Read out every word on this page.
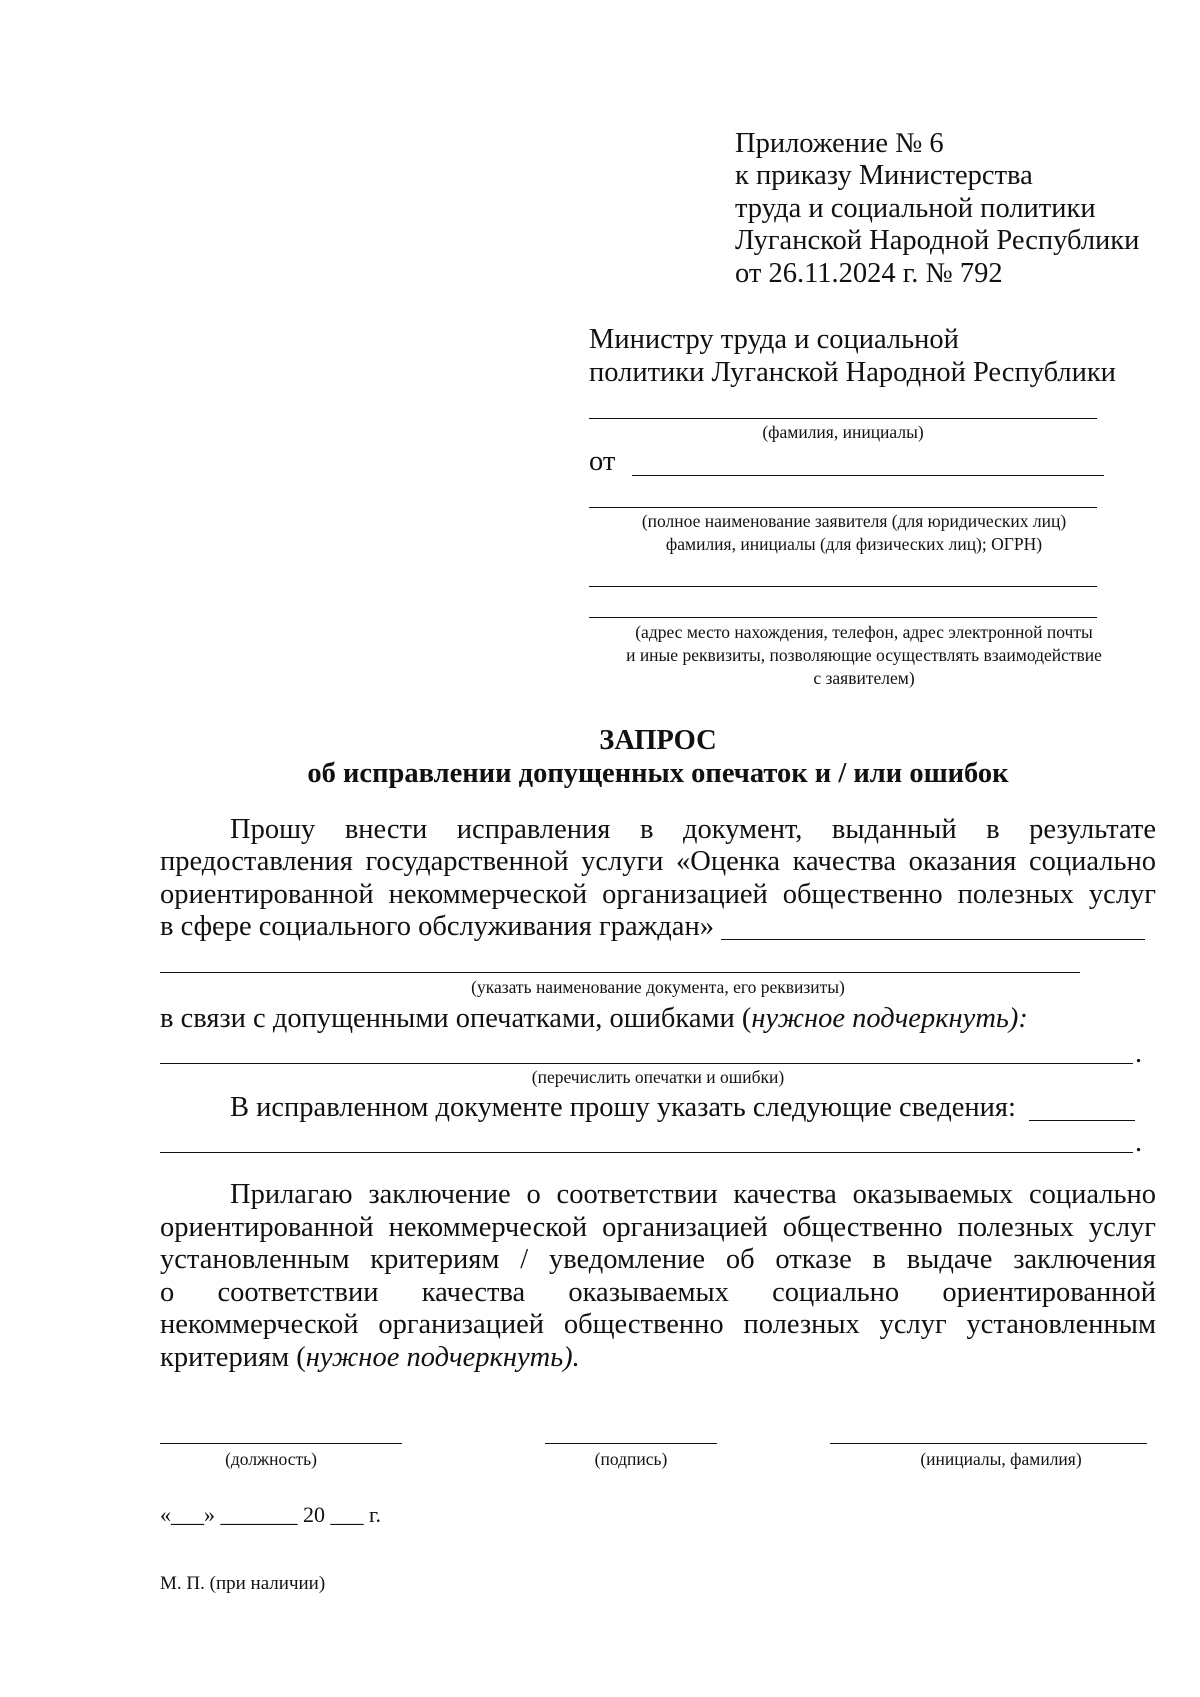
Приложение № 6
к приказу Министерства
труда и социальной политики
Луганской Народной Республики
от 26.11.2024 г. № 792
Министру труда и социальной
политики Луганской Народной Республики
(фамилия, инициалы)
от
(полное наименование заявителя (для юридических лиц)
фамилия, инициалы (для физических лиц); ОГРН)
(адрес место нахождения, телефон, адрес электронной почты
и иные реквизиты, позволяющие осуществлять взаимодействие
с заявителем)
ЗАПРОС
об исправлении допущенных опечаток и / или ошибок
Прошу внести исправления в документ, выданный в результате
предоставления государственной услуги «Оценка качества оказания социально
ориентированной некоммерческой организацией общественно полезных услуг
в сфере социального обслуживания граждан»
(указать наименование документа, его реквизиты)
в связи с допущенными опечатками, ошибками (нужное подчеркнуть):
.
(перечислить опечатки и ошибки)
В исправленном документе прошу указать следующие сведения:
.
Прилагаю заключение о соответствии качества оказываемых социально
ориентированной некоммерческой организацией общественно полезных услуг
установленным критериям / уведомление об отказе в выдаче заключения
о соответствии качества оказываемых социально ориентированной
некоммерческой организацией общественно полезных услуг установленным
критериям (нужное подчеркнуть).
(должность)	(подпись)	(инициалы, фамилия)
«___» _______ 20 ___ г.
М. П. (при наличии)
